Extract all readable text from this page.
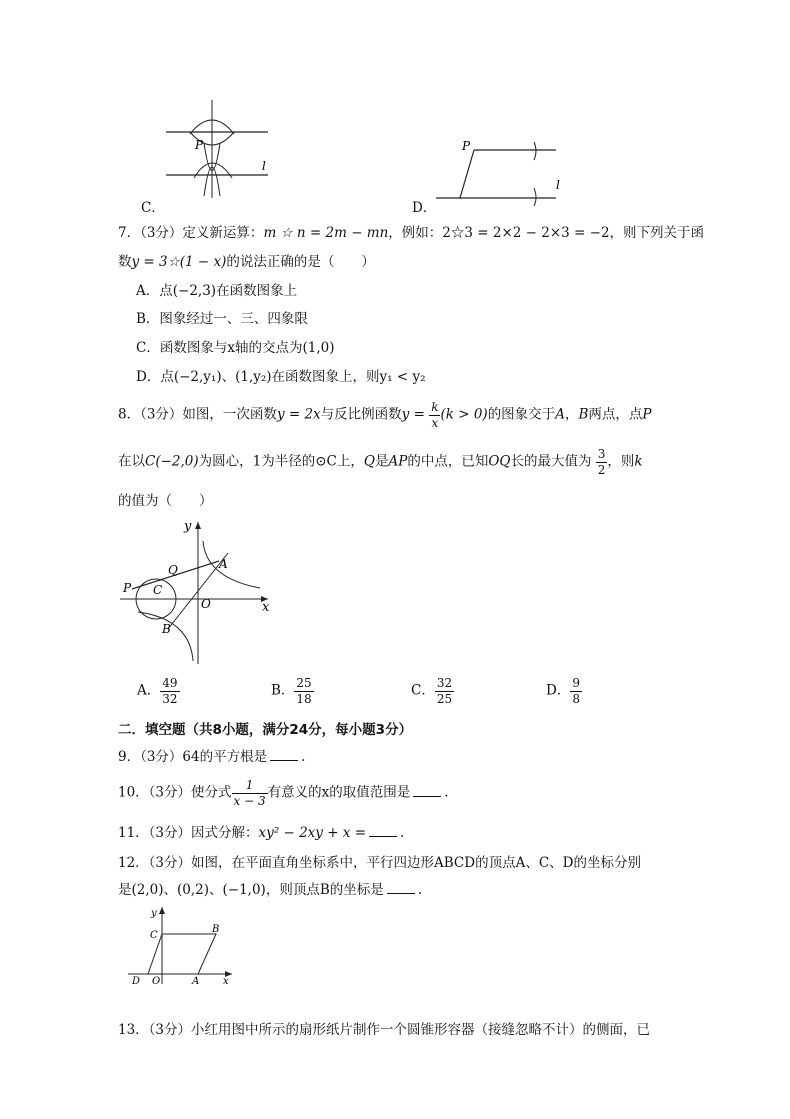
P
l
C．
P
l
D．
7．（3分）定义新运算：m ☆ n = 2m − mn，例如：2☆3 = 2×2 − 2×3 = −2，则下列关于函
数y = 3☆(1 − x)的说法正确的是（　　）
A．点(−2,3)在函数图象上
B．图象经过一、三、四象限
C．函数图象与x轴的交点为(1,0)
D．点(−2,y₁)、(1,y₂)在函数图象上，则y₁ < y₂
8．（3分）如图，一次函数y = 2x与反比例函数$y = \frac{k}{x} (k > 0)$的图象交于A，B两点，点P
在以C(−2,0)为圆心，1为半径的⊙C上，Q是AP的中点，已知OQ长的最大值为 $\frac{3}{2}$ ，则k
的值为（　　）
y
x
A
Q
P C
O
B
A． $\frac{49}{32}$	B． $\frac{25}{18}$	C． $\frac{32}{25}$	D． $\frac{9}{8}$
二．填空题（共8小题，满分24分，每小题3分）
9．（3分）64的平方根是	.
10．（3分）使分式 $\frac{1}{x - 3}$ 有意义的x的取值范围是	.
11．（3分）因式分解：xy² − 2xy + x =	.
12．（3分）如图，在平面直角坐标系中，平行四边形ABCD的顶点A、C、D的坐标分别
是(2,0)、(0,2)、(−1,0)，则顶点B的坐标是	.
y
C
B
D O	A x
13．（3分）小红用图中所示的扇形纸片制作一个圆锥形容器（接缝忽略不计）的侧面，已
